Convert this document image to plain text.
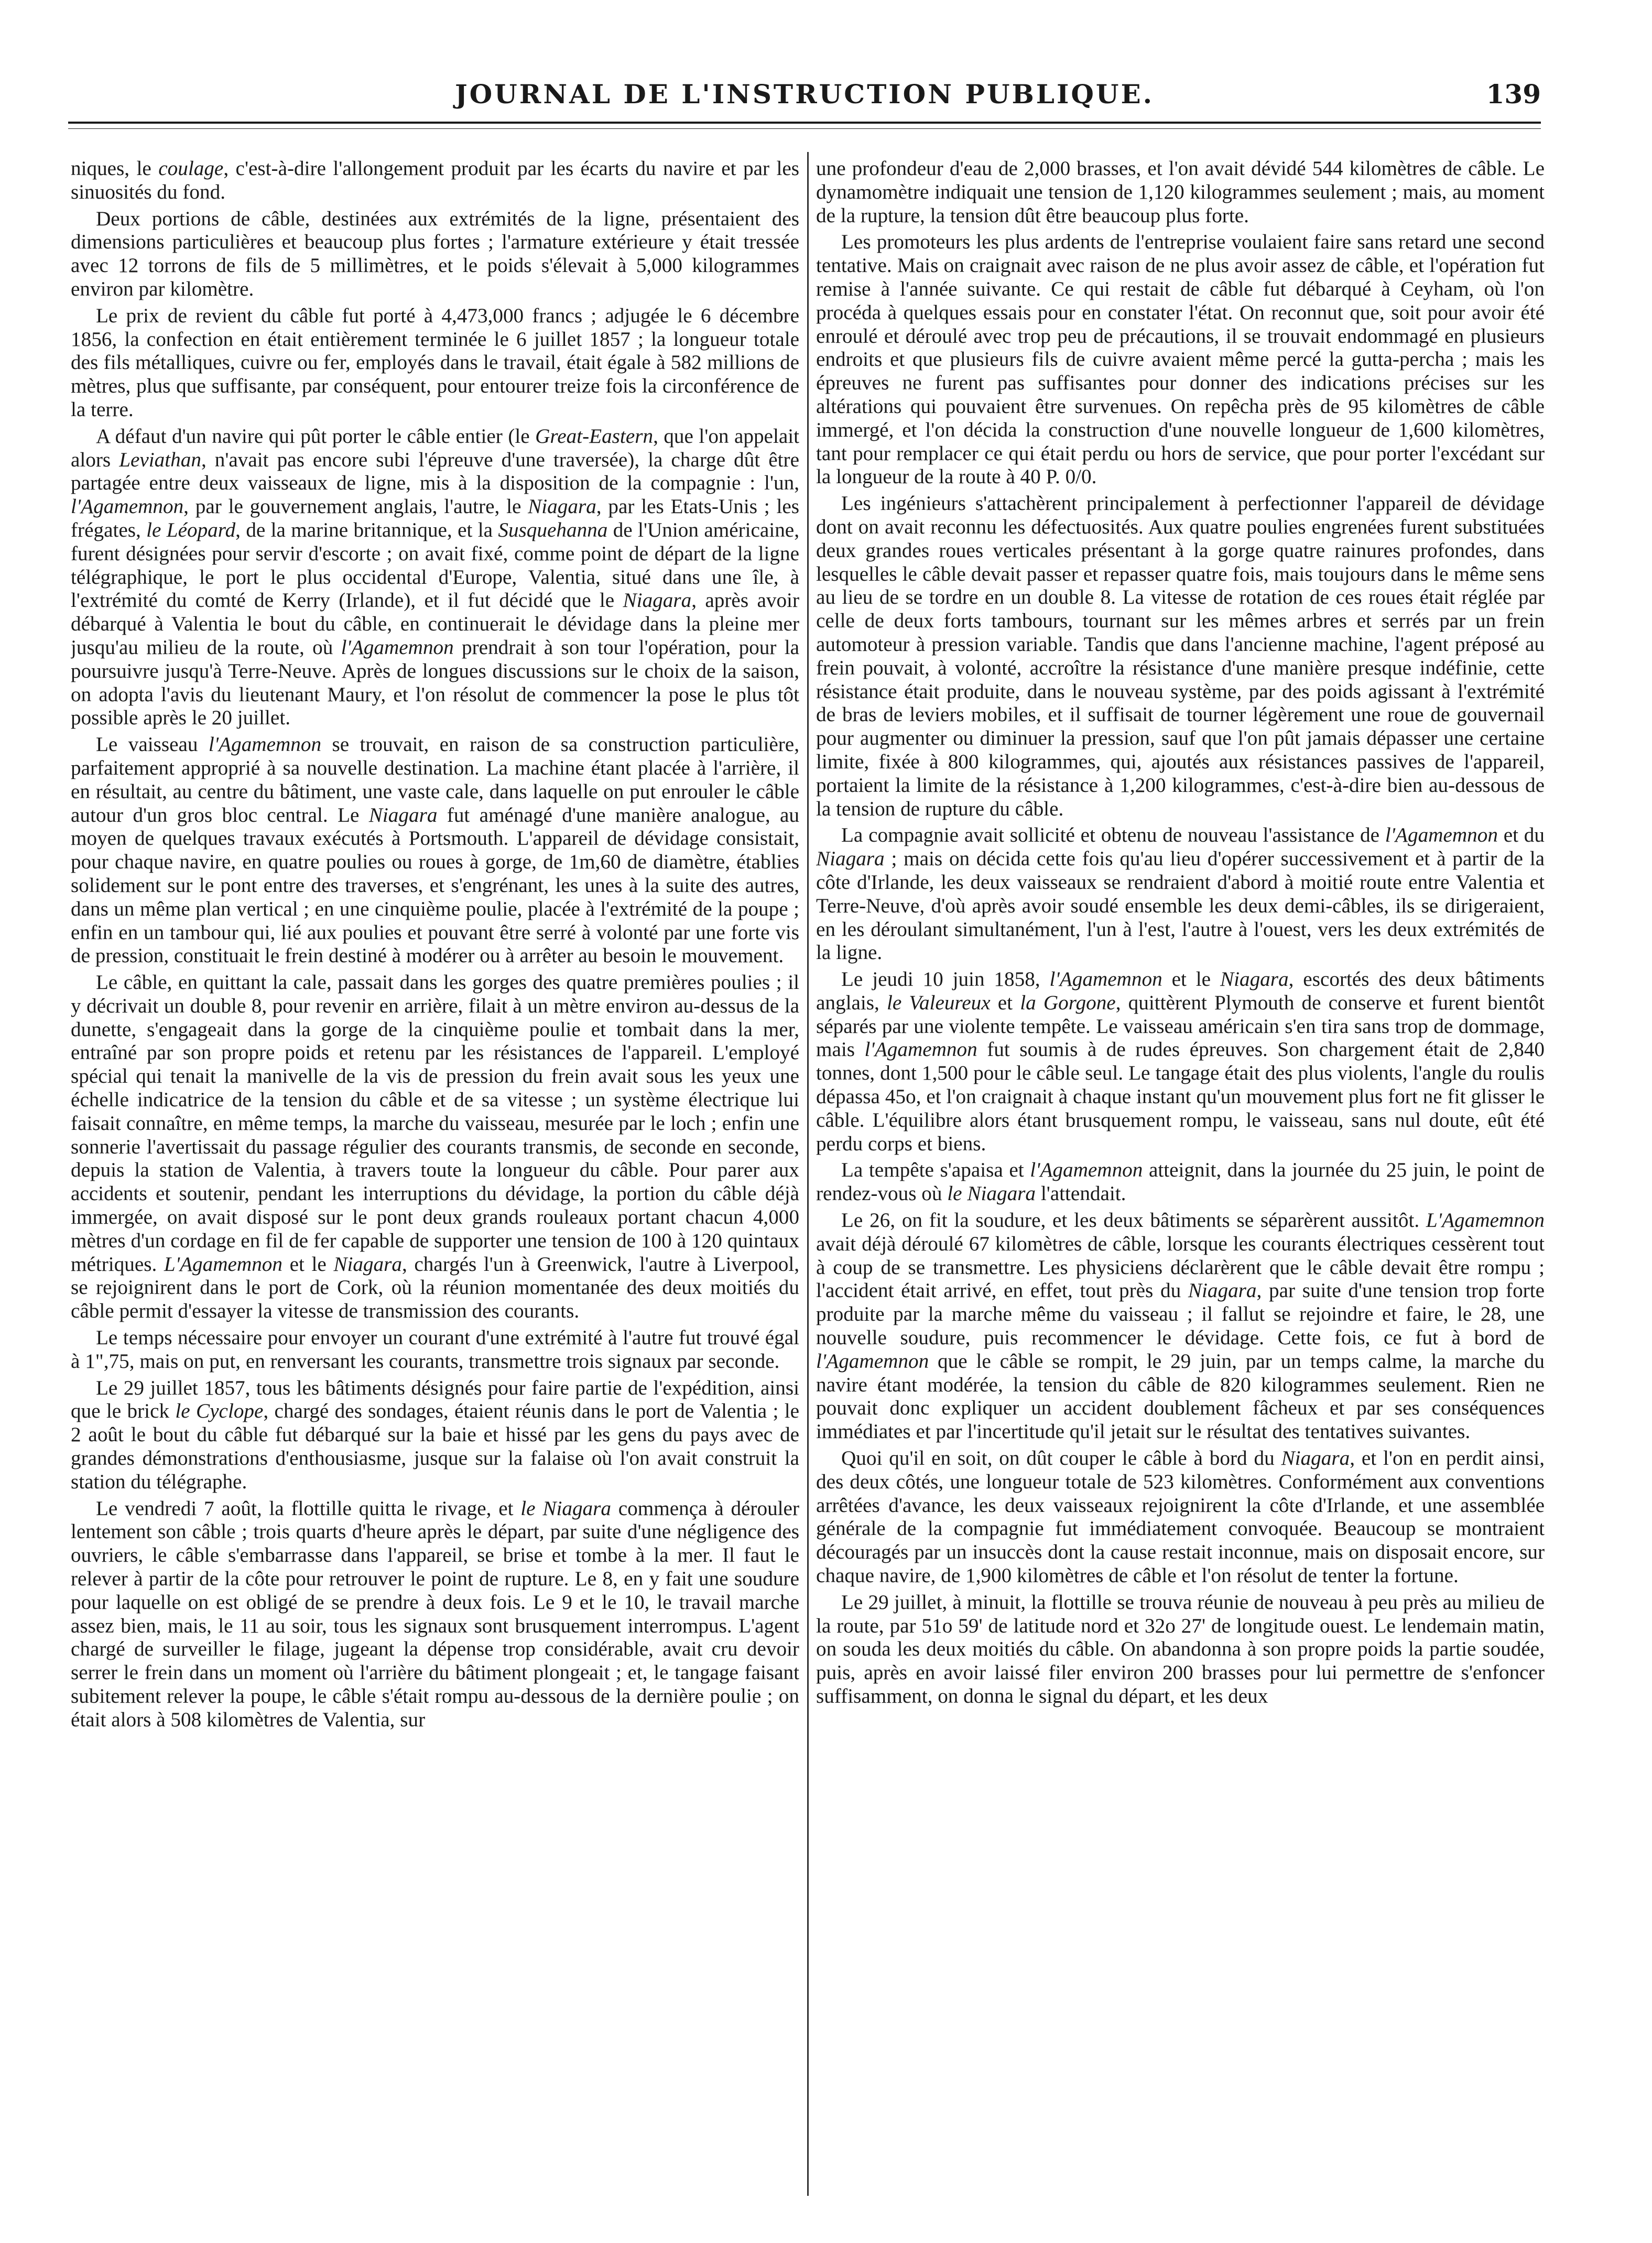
JOURNAL DE L'INSTRUCTION PUBLIQUE.	139

niques, le coulage, c'est-à-dire l'allongement produit par les écarts du navire et par les sinuosités du fond.

Deux portions de câble, destinées aux extrémités de la ligne, présentaient des dimensions particulières et beaucoup plus fortes ; l'armature extérieure y était tressée avec 12 torrons de fils de 5 millimètres, et le poids s'élevait à 5,000 kilogrammes environ par kilomètre.

Le prix de revient du câble fut porté à 4,473,000 francs ; adjugée le 6 décembre 1856, la confection en était entièrement terminée le 6 juillet 1857 ; la longueur totale des fils métalliques, cuivre ou fer, employés dans le travail, était égale à 582 millions de mètres, plus que suffisante, par conséquent, pour entourer treize fois la circonférence de la terre.

A défaut d'un navire qui pût porter le câble entier (le Great-Eastern, que l'on appelait alors Leviathan, n'avait pas encore subi l'épreuve d'une traversée), la charge dût être partagée entre deux vaisseaux de ligne, mis à la disposition de la compagnie : l'un, l'Agamemnon, par le gouvernement anglais, l'autre, le Niagara, par les Etats-Unis ; les frégates, le Léopard, de la marine britannique, et la Susquehanna de l'Union américaine, furent désignées pour servir d'escorte ; on avait fixé, comme point de départ de la ligne télégraphique, le port le plus occidental d'Europe, Valentia, situé dans une île, à l'extrémité du comté de Kerry (Irlande), et il fut décidé que le Niagara, après avoir débarqué à Valentia le bout du câble, en continuerait le dévidage dans la pleine mer jusqu'au milieu de la route, où l'Agamemnon prendrait à son tour l'opération, pour la poursuivre jusqu'à Terre-Neuve. Après de longues discussions sur le choix de la saison, on adopta l'avis du lieutenant Maury, et l'on résolut de commencer la pose le plus tôt possible après le 20 juillet.

Le vaisseau l'Agamemnon se trouvait, en raison de sa construction particulière, parfaitement approprié à sa nouvelle destination. La machine étant placée à l'arrière, il en résultait, au centre du bâtiment, une vaste cale, dans laquelle on put enrouler le câble autour d'un gros bloc central. Le Niagara fut aménagé d'une manière analogue, au moyen de quelques travaux exécutés à Portsmouth. L'appareil de dévidage consistait, pour chaque navire, en quatre poulies ou roues à gorge, de 1m,60 de diamètre, établies solidement sur le pont entre des traverses, et s'engrénant, les unes à la suite des autres, dans un même plan vertical ; en une cinquième poulie, placée à l'extrémité de la poupe ; enfin en un tambour qui, lié aux poulies et pouvant être serré à volonté par une forte vis de pression, constituait le frein destiné à modérer ou à arrêter au besoin le mouvement.

Le câble, en quittant la cale, passait dans les gorges des quatre premières poulies ; il y décrivait un double 8, pour revenir en arrière, filait à un mètre environ au-dessus de la dunette, s'engageait dans la gorge de la cinquième poulie et tombait dans la mer, entraîné par son propre poids et retenu par les résistances de l'appareil. L'employé spécial qui tenait la manivelle de la vis de pression du frein avait sous les yeux une échelle indicatrice de la tension du câble et de sa vitesse ; un système électrique lui faisait connaître, en même temps, la marche du vaisseau, mesurée par le loch ; enfin une sonnerie l'avertissait du passage régulier des courants transmis, de seconde en seconde, depuis la station de Valentia, à travers toute la longueur du câble. Pour parer aux accidents et soutenir, pendant les interruptions du dévidage, la portion du câble déjà immergée, on avait disposé sur le pont deux grands rouleaux portant chacun 4,000 mètres d'un cordage en fil de fer capable de supporter une tension de 100 à 120 quintaux métriques. L'Agamemnon et le Niagara, chargés l'un à Greenwick, l'autre à Liverpool, se rejoignirent dans le port de Cork, où la réunion momentanée des deux moitiés du câble permit d'essayer la vitesse de transmission des courants.

Le temps nécessaire pour envoyer un courant d'une extrémité à l'autre fut trouvé égal à 1",75, mais on put, en renversant les courants, transmettre trois signaux par seconde.

Le 29 juillet 1857, tous les bâtiments désignés pour faire partie de l'expédition, ainsi que le brick le Cyclope, chargé des sondages, étaient réunis dans le port de Valentia ; le 2 août le bout du câble fut débarqué sur la baie et hissé par les gens du pays avec de grandes démonstrations d'enthousiasme, jusque sur la falaise où l'on avait construit la station du télégraphe.

Le vendredi 7 août, la flottille quitta le rivage, et le Niagara commença à dérouler lentement son câble ; trois quarts d'heure après le départ, par suite d'une négligence des ouvriers, le câble s'embarrasse dans l'appareil, se brise et tombe à la mer. Il faut le relever à partir de la côte pour retrouver le point de rupture. Le 8, en y fait une soudure pour laquelle on est obligé de se prendre à deux fois. Le 9 et le 10, le travail marche assez bien, mais, le 11 au soir, tous les signaux sont brusquement interrompus. L'agent chargé de surveiller le filage, jugeant la dépense trop considérable, avait cru devoir serrer le frein dans un moment où l'arrière du bâtiment plongeait ; et, le tangage faisant subitement relever la poupe, le câble s'était rompu au-dessous de la dernière poulie ; on était alors à 508 kilomètres de Valentia, sur

une profondeur d'eau de 2,000 brasses, et l'on avait dévidé 544 kilomètres de câble. Le dynamomètre indiquait une tension de 1,120 kilogrammes seulement ; mais, au moment de la rupture, la tension dût être beaucoup plus forte.

Les promoteurs les plus ardents de l'entreprise voulaient faire sans retard une second tentative. Mais on craignait avec raison de ne plus avoir assez de câble, et l'opération fut remise à l'année suivante. Ce qui restait de câble fut débarqué à Ceyham, où l'on procéda à quelques essais pour en constater l'état. On reconnut que, soit pour avoir été enroulé et déroulé avec trop peu de précautions, il se trouvait endommagé en plusieurs endroits et que plusieurs fils de cuivre avaient même percé la gutta-percha ; mais les épreuves ne furent pas suffisantes pour donner des indications précises sur les altérations qui pouvaient être survenues. On repêcha près de 95 kilomètres de câble immergé, et l'on décida la construction d'une nouvelle longueur de 1,600 kilomètres, tant pour remplacer ce qui était perdu ou hors de service, que pour porter l'excédant sur la longueur de la route à 40 P. 0/0.

Les ingénieurs s'attachèrent principalement à perfectionner l'appareil de dévidage dont on avait reconnu les défectuosités. Aux quatre poulies engrenées furent substituées deux grandes roues verticales présentant à la gorge quatre rainures profondes, dans lesquelles le câble devait passer et repasser quatre fois, mais toujours dans le même sens au lieu de se tordre en un double 8. La vitesse de rotation de ces roues était réglée par celle de deux forts tambours, tournant sur les mêmes arbres et serrés par un frein automoteur à pression variable. Tandis que dans l'ancienne machine, l'agent préposé au frein pouvait, à volonté, accroître la résistance d'une manière presque indéfinie, cette résistance était produite, dans le nouveau système, par des poids agissant à l'extrémité de bras de leviers mobiles, et il suffisait de tourner légèrement une roue de gouvernail pour augmenter ou diminuer la pression, sauf que l'on pût jamais dépasser une certaine limite, fixée à 800 kilogrammes, qui, ajoutés aux résistances passives de l'appareil, portaient la limite de la résistance à 1,200 kilogrammes, c'est-à-dire bien au-dessous de la tension de rupture du câble.

La compagnie avait sollicité et obtenu de nouveau l'assistance de l'Agamemnon et du Niagara ; mais on décida cette fois qu'au lieu d'opérer successivement et à partir de la côte d'Irlande, les deux vaisseaux se rendraient d'abord à moitié route entre Valentia et Terre-Neuve, d'où après avoir soudé ensemble les deux demi-câbles, ils se dirigeraient, en les déroulant simultanément, l'un à l'est, l'autre à l'ouest, vers les deux extrémités de la ligne.

Le jeudi 10 juin 1858, l'Agamemnon et le Niagara, escortés des deux bâtiments anglais, le Valeureux et la Gorgone, quittèrent Plymouth de conserve et furent bientôt séparés par une violente tempête. Le vaisseau américain s'en tira sans trop de dommage, mais l'Agamemnon fut soumis à de rudes épreuves. Son chargement était de 2,840 tonnes, dont 1,500 pour le câble seul. Le tangage était des plus violents, l'angle du roulis dépassa 45o, et l'on craignait à chaque instant qu'un mouvement plus fort ne fit glisser le câble. L'équilibre alors étant brusquement rompu, le vaisseau, sans nul doute, eût été perdu corps et biens.

La tempête s'apaisa et l'Agamemnon atteignit, dans la journée du 25 juin, le point de rendez-vous où le Niagara l'attendait.

Le 26, on fit la soudure, et les deux bâtiments se séparèrent aussitôt. L'Agamemnon avait déjà déroulé 67 kilomètres de câble, lorsque les courants électriques cessèrent tout à coup de se transmettre. Les physiciens déclarèrent que le câble devait être rompu ; l'accident était arrivé, en effet, tout près du Niagara, par suite d'une tension trop forte produite par la marche même du vaisseau ; il fallut se rejoindre et faire, le 28, une nouvelle soudure, puis recommencer le dévidage. Cette fois, ce fut à bord de l'Agamemnon que le câble se rompit, le 29 juin, par un temps calme, la marche du navire étant modérée, la tension du câble de 820 kilogrammes seulement. Rien ne pouvait donc expliquer un accident doublement fâcheux et par ses conséquences immédiates et par l'incertitude qu'il jetait sur le résultat des tentatives suivantes.

Quoi qu'il en soit, on dût couper le câble à bord du Niagara, et l'on en perdit ainsi, des deux côtés, une longueur totale de 523 kilomètres. Conformément aux conventions arrêtées d'avance, les deux vaisseaux rejoignirent la côte d'Irlande, et une assemblée générale de la compagnie fut immédiatement convoquée. Beaucoup se montraient découragés par un insuccès dont la cause restait inconnue, mais on disposait encore, sur chaque navire, de 1,900 kilomètres de câble et l'on résolut de tenter la fortune.

Le 29 juillet, à minuit, la flottille se trouva réunie de nouveau à peu près au milieu de la route, par 51o 59' de latitude nord et 32o 27' de longitude ouest. Le lendemain matin, on souda les deux moitiés du câble. On abandonna à son propre poids la partie soudée, puis, après en avoir laissé filer environ 200 brasses pour lui permettre de s'enfoncer suffisamment, on donna le signal du départ, et les deux
